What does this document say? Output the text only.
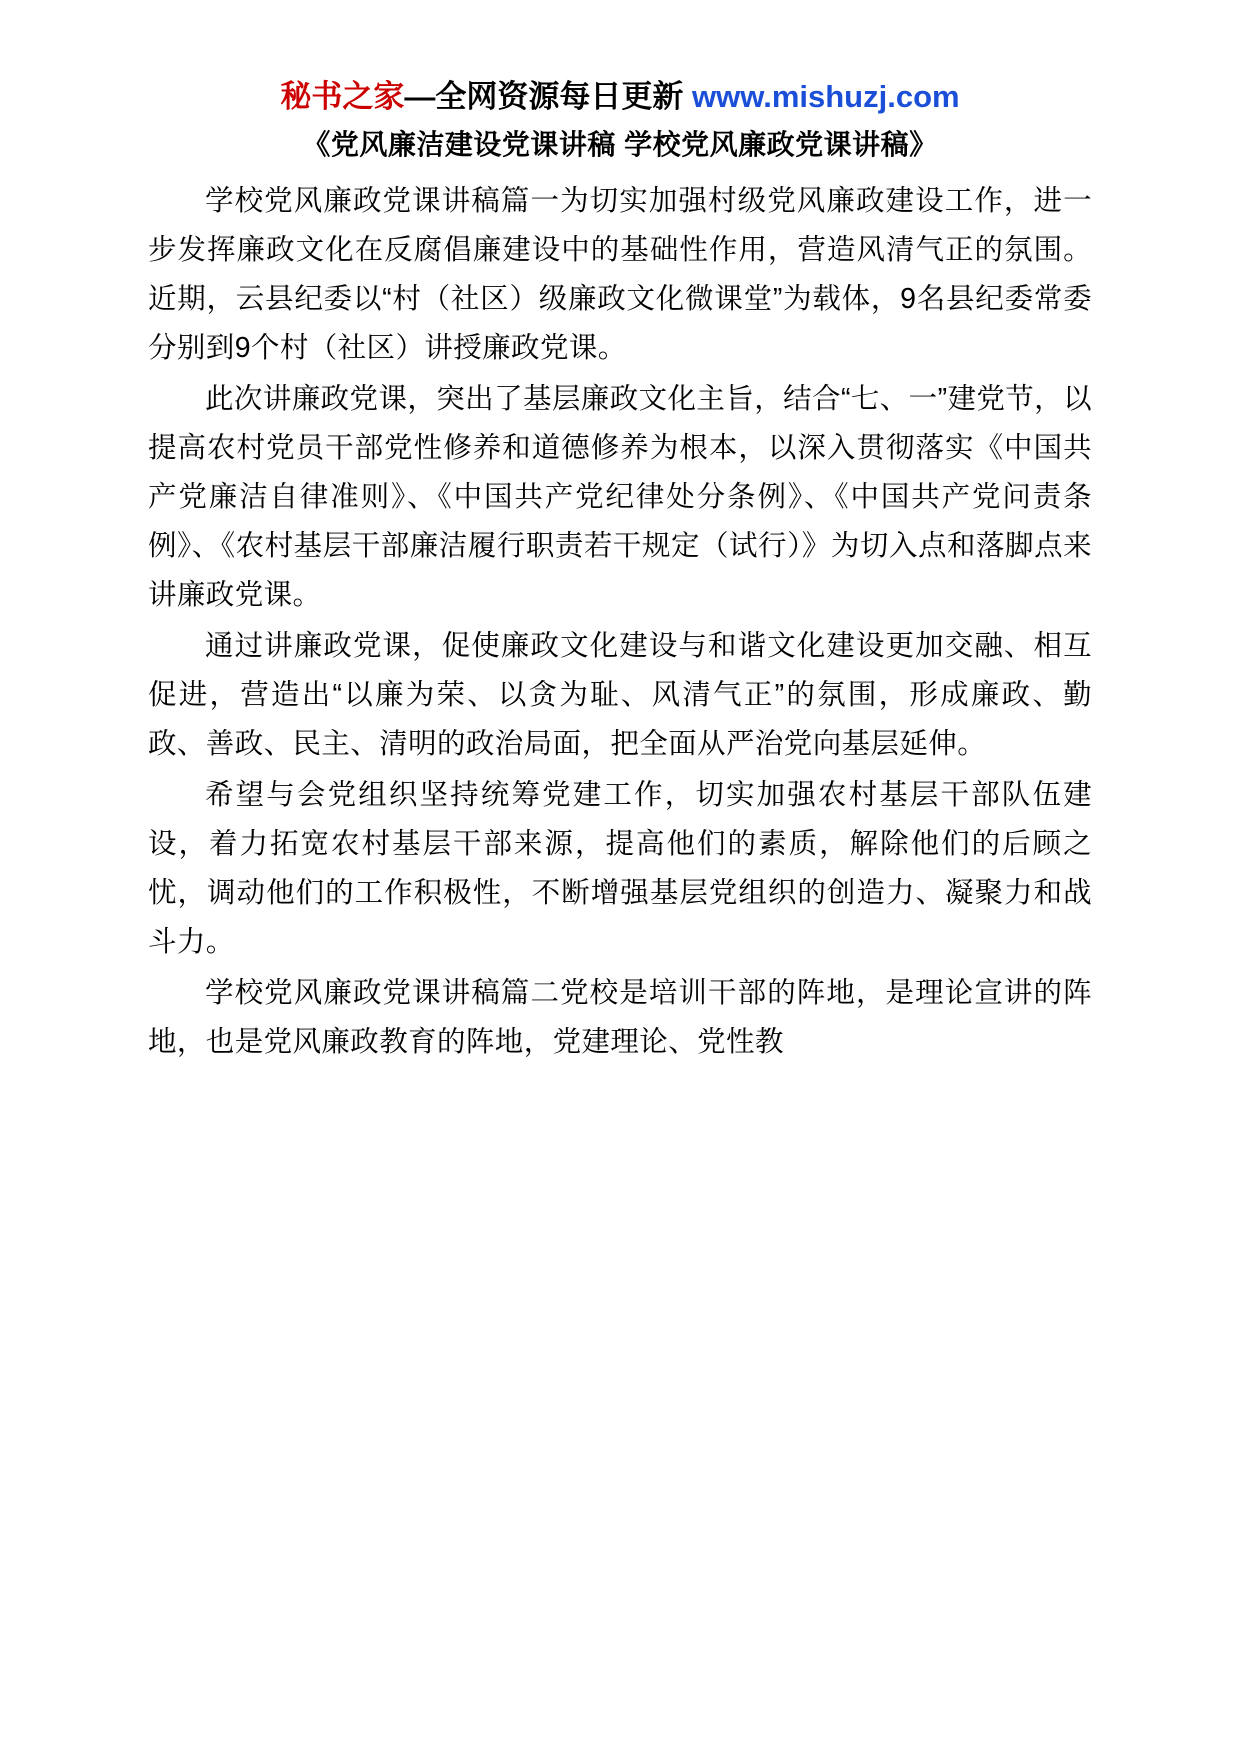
秘书之家—全网资源每日更新 www.mishuzj.com
《党风廉洁建设党课讲稿 学校党风廉政党课讲稿》

学校党风廉政党课讲稿篇一为切实加强村级党风廉政建设工作，进一步发挥廉政文化在反腐倡廉建设中的基础性作用，营造风清气正的氛围。近期，云县纪委以“村（社区）级廉政文化微课堂”为载体，9名县纪委常委分别到9个村（社区）讲授廉政党课。

此次讲廉政党课，突出了基层廉政文化主旨，结合“七、一”建党节，以提高农村党员干部党性修养和道德修养为根本，以深入贯彻落实《中国共产党廉洁自律准则》、《中国共产党纪律处分条例》、《中国共产党问责条例》、《农村基层干部廉洁履行职责若干规定（试行）》为切入点和落脚点来讲廉政党课。

通过讲廉政党课，促使廉政文化建设与和谐文化建设更加交融、相互促进，营造出“以廉为荣、以贪为耻、风清气正”的氛围，形成廉政、勤政、善政、民主、清明的政治局面，把全面从严治党向基层延伸。

希望与会党组织坚持统筹党建工作，切实加强农村基层干部队伍建设，着力拓宽农村基层干部来源，提高他们的素质，解除他们的后顾之忧，调动他们的工作积极性，不断增强基层党组织的创造力、凝聚力和战斗力。

学校党风廉政党课讲稿篇二党校是培训干部的阵地，是理论宣讲的阵地，也是党风廉政教育的阵地，党建理论、党性教
